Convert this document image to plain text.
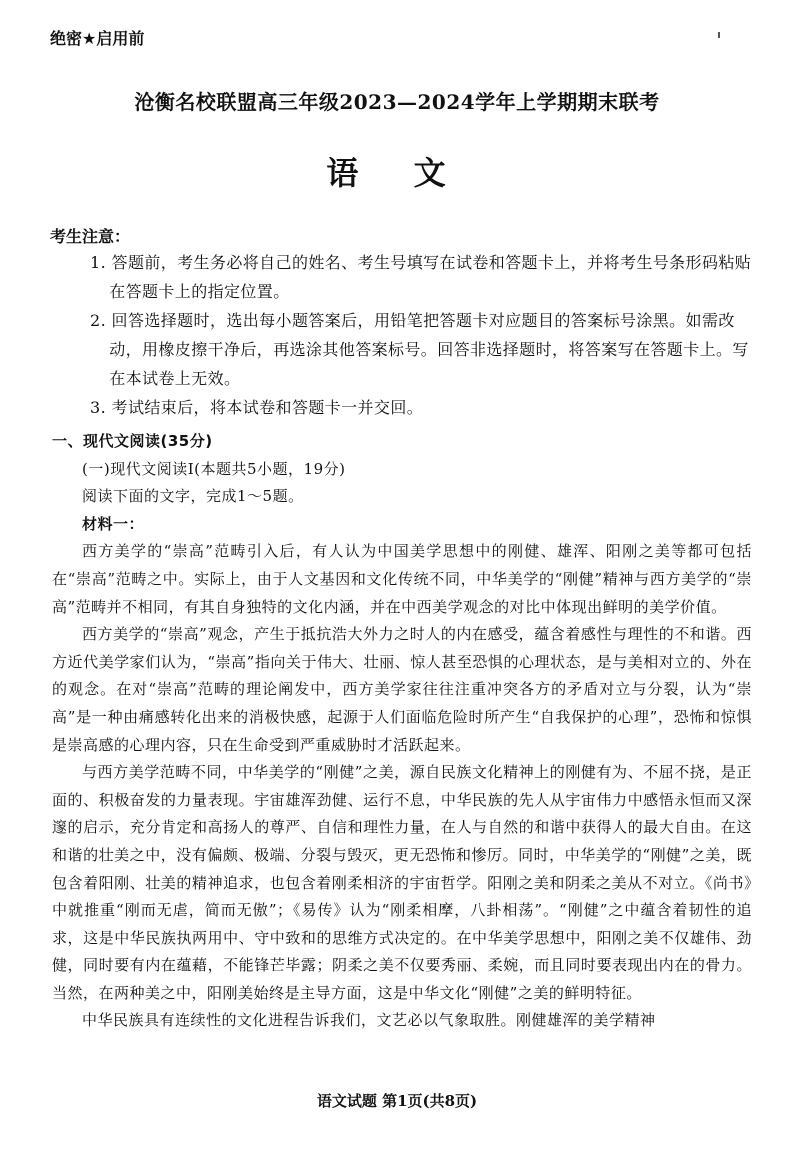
绝密★启用前
沧衡名校联盟高三年级2023—2024学年上学期期末联考
语 文
考生注意：
1. 答题前，考生务必将自己的姓名、考生号填写在试卷和答题卡上，并将考生号条形码粘贴在答题卡上的指定位置。
2. 回答选择题时，选出每小题答案后，用铅笔把答题卡对应题目的答案标号涂黑。如需改动，用橡皮擦干净后，再选涂其他答案标号。回答非选择题时，将答案写在答题卡上。写在本试卷上无效。
3. 考试结束后，将本试卷和答题卡一并交回。

一、现代文阅读(35分)

(一)现代文阅读Ⅰ(本题共5小题，19分)

阅读下面的文字，完成1～5题。

材料一：

西方美学的“崇高”范畴引入后，有人认为中国美学思想中的刚健、雄浑、阳刚之美等都可包括在“崇高”范畴之中。实际上，由于人文基因和文化传统不同，中华美学的“刚健”精神与西方美学的“崇高”范畴并不相同，有其自身独特的文化内涵，并在中西美学观念的对比中体现出鲜明的美学价值。

西方美学的“崇高”观念，产生于抵抗浩大外力之时人的内在感受，蕴含着感性与理性的不和谐。西方近代美学家们认为，“崇高”指向关于伟大、壮丽、惊人甚至恐惧的心理状态，是与美相对立的、外在的观念。在对“崇高”范畴的理论阐发中，西方美学家往往注重冲突各方的矛盾对立与分裂，认为“崇高”是一种由痛感转化出来的消极快感，起源于人们面临危险时所产生“自我保护的心理”，恐怖和惊惧是崇高感的心理内容，只在生命受到严重威胁时才活跃起来。

与西方美学范畴不同，中华美学的“刚健”之美，源自民族文化精神上的刚健有为、不屈不挠，是正面的、积极奋发的力量表现。宇宙雄浑劲健、运行不息，中华民族的先人从宇宙伟力中感悟永恒而又深邃的启示，充分肯定和高扬人的尊严、自信和理性力量，在人与自然的和谐中获得人的最大自由。在这和谐的壮美之中，没有偏颇、极端、分裂与毁灭，更无恐怖和惨厉。同时，中华美学的“刚健”之美，既包含着阳刚、壮美的精神追求，也包含着刚柔相济的宇宙哲学。阳刚之美和阴柔之美从不对立。《尚书》中就推重“刚而无虐，简而无傲”；《易传》认为“刚柔相摩，八卦相荡”。“刚健”之中蕴含着韧性的追求，这是中华民族执两用中、守中致和的思维方式决定的。在中华美学思想中，阳刚之美不仅雄伟、劲健，同时要有内在蕴藉，不能锋芒毕露；阴柔之美不仅要秀丽、柔婉，而且同时要表现出内在的骨力。当然，在两种美之中，阳刚美始终是主导方面，这是中华文化“刚健”之美的鲜明特征。

中华民族具有连续性的文化进程告诉我们，文艺必以气象取胜。刚健雄浑的美学精神

语文试题 第1页(共8页)
